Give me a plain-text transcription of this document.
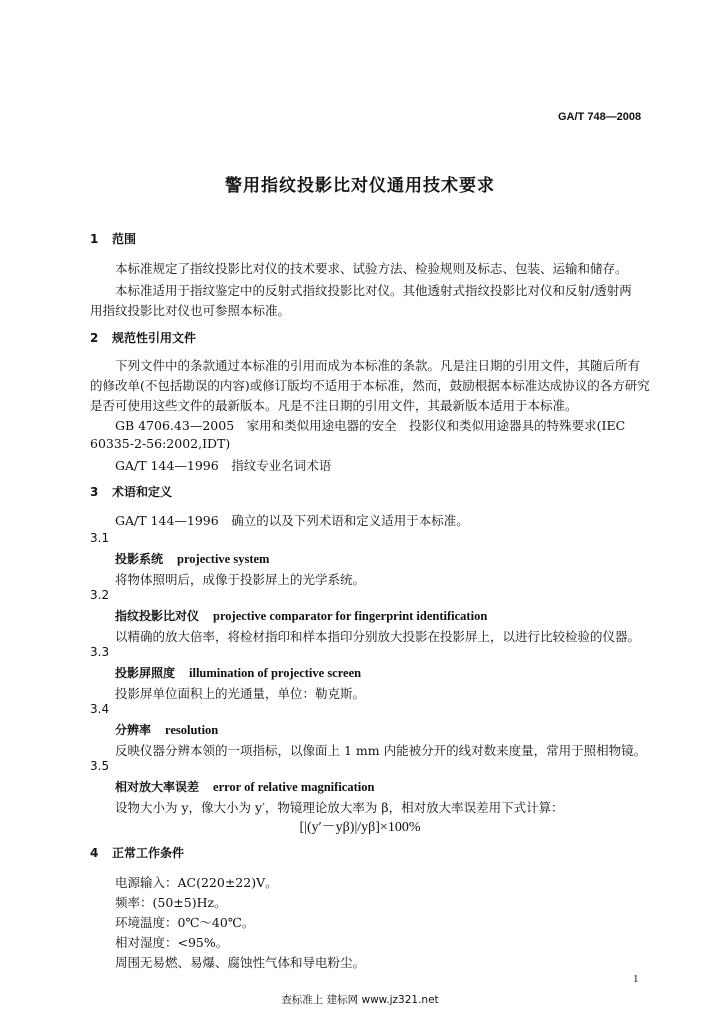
GA/T 748—2008
警用指纹投影比对仪通用技术要求
1 范围
本标准规定了指纹投影比对仪的技术要求、试验方法、检验规则及标志、包装、运输和储存。
本标准适用于指纹鉴定中的反射式指纹投影比对仪。其他透射式指纹投影比对仪和反射/透射两
用指纹投影比对仪也可参照本标准。
2 规范性引用文件
下列文件中的条款通过本标准的引用而成为本标准的条款。凡是注日期的引用文件，其随后所有
的修改单(不包括勘误的内容)或修订版均不适用于本标准，然而，鼓励根据本标准达成协议的各方研究
是否可使用这些文件的最新版本。凡是不注日期的引用文件，其最新版本适用于本标准。
GB 4706.43—2005　家用和类似用途电器的安全　投影仪和类似用途器具的特殊要求(IEC
60335-2-56:2002,IDT)
GA/T 144—1996　指纹专业名词术语
3 术语和定义
GA/T 144—1996　确立的以及下列术语和定义适用于本标准。
3.1
投影系统 projective system
将物体照明后，成像于投影屏上的光学系统。
3.2
指纹投影比对仪 projective comparator for fingerprint identification
以精确的放大倍率，将检材指印和样本指印分别放大投影在投影屏上，以进行比较检验的仪器。
3.3
投影屏照度 illumination of projective screen
投影屏单位面积上的光通量，单位：勒克斯。
3.4
分辨率 resolution
反映仪器分辨本领的一项指标，以像面上 1 mm 内能被分开的线对数来度量，常用于照相物镜。
3.5
相对放大率误差 error of relative magnification
设物大小为 y，像大小为 y′，物镜理论放大率为 β，相对放大率误差用下式计算：
[|(y′－yβ)|/yβ]×100%
4 正常工作条件
电源输入：AC(220±22)V。
频率：(50±5)Hz。
环境温度：0℃～40℃。
相对湿度：<95%。
周围无易燃、易爆、腐蚀性气体和导电粉尘。
1
查标准上 建标网 www.jz321.net
